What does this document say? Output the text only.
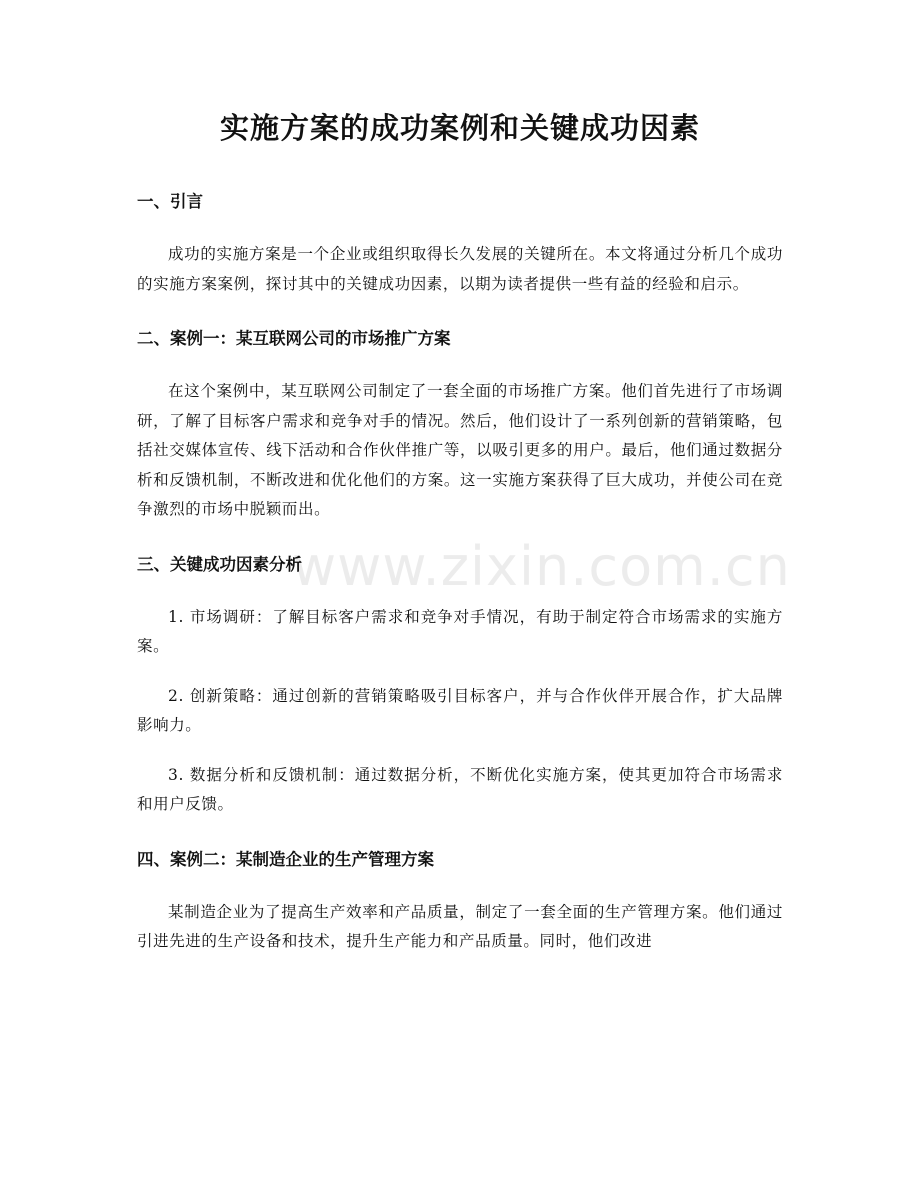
实施方案的成功案例和关键成功因素
www.zixin.com.cn
一、引言

成功的实施方案是一个企业或组织取得长久发展的关键所在。本文将通过分析几个成功的实施方案案例，探讨其中的关键成功因素，以期为读者提供一些有益的经验和启示。

二、案例一：某互联网公司的市场推广方案

在这个案例中，某互联网公司制定了一套全面的市场推广方案。他们首先进行了市场调研，了解了目标客户需求和竞争对手的情况。然后，他们设计了一系列创新的营销策略，包括社交媒体宣传、线下活动和合作伙伴推广等，以吸引更多的用户。最后，他们通过数据分析和反馈机制，不断改进和优化他们的方案。这一实施方案获得了巨大成功，并使公司在竞争激烈的市场中脱颖而出。

三、关键成功因素分析

1. 市场调研：了解目标客户需求和竞争对手情况，有助于制定符合市场需求的实施方案。

2. 创新策略：通过创新的营销策略吸引目标客户，并与合作伙伴开展合作，扩大品牌影响力。

3. 数据分析和反馈机制：通过数据分析，不断优化实施方案，使其更加符合市场需求和用户反馈。

四、案例二：某制造企业的生产管理方案

某制造企业为了提高生产效率和产品质量，制定了一套全面的生产管理方案。他们通过引进先进的生产设备和技术，提升生产能力和产品质量。同时，他们改进
